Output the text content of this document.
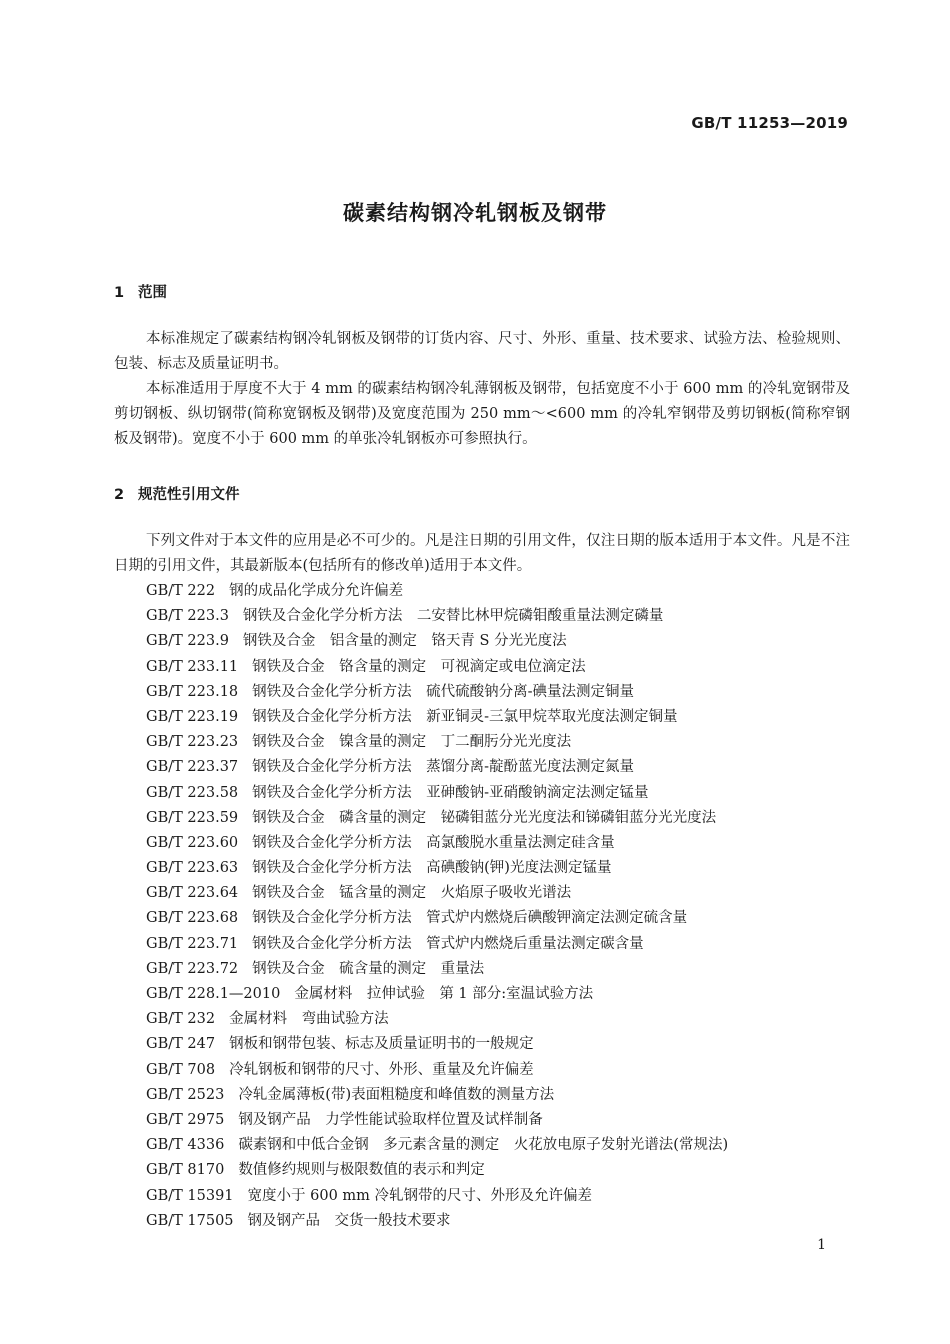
GB/T 11253—2019
碳素结构钢冷轧钢板及钢带
1 范围

本标准规定了碳素结构钢冷轧钢板及钢带的订货内容、尺寸、外形、重量、技术要求、试验方法、检验规则、包装、标志及质量证明书。

本标准适用于厚度不大于 4 mm 的碳素结构钢冷轧薄钢板及钢带，包括宽度不小于 600 mm 的冷轧宽钢带及剪切钢板、纵切钢带(简称宽钢板及钢带)及宽度范围为 250 mm～<600 mm 的冷轧窄钢带及剪切钢板(简称窄钢板及钢带)。宽度不小于 600 mm 的单张冷轧钢板亦可参照执行。

2 规范性引用文件

下列文件对于本文件的应用是必不可少的。凡是注日期的引用文件，仅注日期的版本适用于本文件。凡是不注日期的引用文件，其最新版本(包括所有的修改单)适用于本文件。

GB/T 222 钢的成品化学成分允许偏差
GB/T 223.3 钢铁及合金化学分析方法　二安替比林甲烷磷钼酸重量法测定磷量
GB/T 223.9 钢铁及合金　铝含量的测定　铬天青 S 分光光度法
GB/T 233.11 钢铁及合金　铬含量的测定　可视滴定或电位滴定法
GB/T 223.18 钢铁及合金化学分析方法　硫代硫酸钠分离-碘量法测定铜量
GB/T 223.19 钢铁及合金化学分析方法　新亚铜灵-三氯甲烷萃取光度法测定铜量
GB/T 223.23 钢铁及合金　镍含量的测定　丁二酮肟分光光度法
GB/T 223.37 钢铁及合金化学分析方法　蒸馏分离-靛酚蓝光度法测定氮量
GB/T 223.58 钢铁及合金化学分析方法　亚砷酸钠-亚硝酸钠滴定法测定锰量
GB/T 223.59 钢铁及合金　磷含量的测定　铋磷钼蓝分光光度法和锑磷钼蓝分光光度法
GB/T 223.60 钢铁及合金化学分析方法　高氯酸脱水重量法测定硅含量
GB/T 223.63 钢铁及合金化学分析方法　高碘酸钠(钾)光度法测定锰量
GB/T 223.64 钢铁及合金　锰含量的测定　火焰原子吸收光谱法
GB/T 223.68 钢铁及合金化学分析方法　管式炉内燃烧后碘酸钾滴定法测定硫含量
GB/T 223.71 钢铁及合金化学分析方法　管式炉内燃烧后重量法测定碳含量
GB/T 223.72 钢铁及合金　硫含量的测定　重量法
GB/T 228.1—2010 金属材料　拉伸试验　第 1 部分:室温试验方法
GB/T 232 金属材料　弯曲试验方法
GB/T 247 钢板和钢带包装、标志及质量证明书的一般规定
GB/T 708 冷轧钢板和钢带的尺寸、外形、重量及允许偏差
GB/T 2523 冷轧金属薄板(带)表面粗糙度和峰值数的测量方法
GB/T 2975 钢及钢产品　力学性能试验取样位置及试样制备
GB/T 4336 碳素钢和中低合金钢　多元素含量的测定　火花放电原子发射光谱法(常规法)
GB/T 8170 数值修约规则与极限数值的表示和判定
GB/T 15391 宽度小于 600 mm 冷轧钢带的尺寸、外形及允许偏差
GB/T 17505 钢及钢产品　交货一般技术要求
1
